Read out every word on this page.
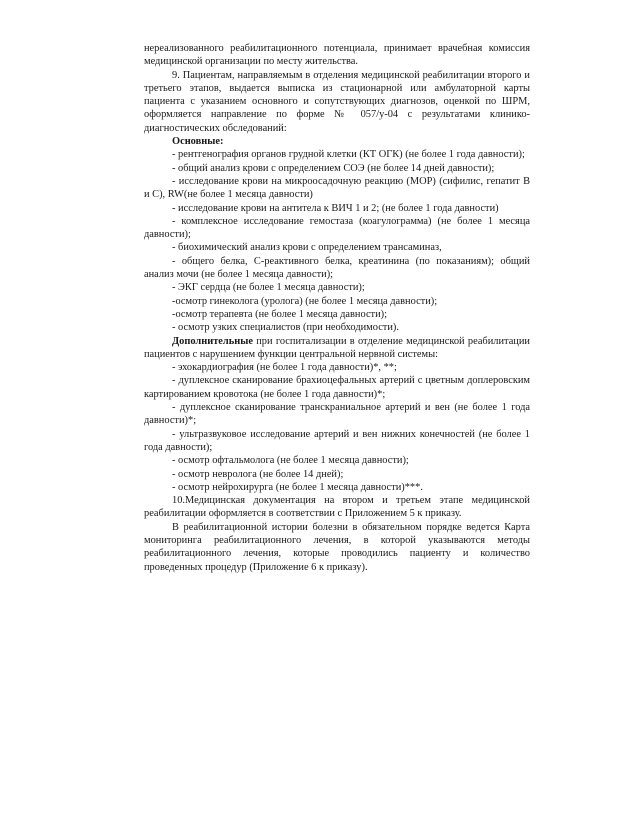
нереализованного реабилитационного потенциала, принимает врачебная комиссия медицинской организации по месту жительства.

9. Пациентам, направляемым в отделения медицинской реабилитации второго и третьего этапов, выдается выписка из стационарной или амбулаторной карты пациента с указанием основного и сопутствующих диагнозов, оценкой по ШРМ, оформляется направление по форме № 057/у-04 с результатами клинико-диагностических обследований:

Основные:

- рентгенография органов грудной клетки (КТ ОГК) (не более 1 года давности);

- общий анализ крови с определением СОЭ (не более 14 дней давности);

- исследование крови на микроосадочную реакцию (МОР) (сифилис, гепатит В и С), RW(не более 1 месяца давности)

- исследование крови на антитела к ВИЧ 1 и 2; (не более 1 года давности)

- комплексное исследование гемостаза (коагулограмма) (не более 1 месяца давности);

- биохимический анализ крови с определением трансаминаз,

- общего белка, С-реактивного белка, креатинина (по показаниям); общий анализ мочи (не более 1 месяца давности);

- ЭКГ сердца (не более 1 месяца давности);

-осмотр гинеколога (уролога) (не более 1 месяца давности);

-осмотр терапевта (не более 1 месяца давности);

- осмотр узких специалистов (при необходимости).

Дополнительные при госпитализации в отделение медицинской реабилитации пациентов с нарушением функции центральной нервной системы:

- эхокардиография (не более 1 года давности)*, **;

- дуплексное сканирование брахиоцефальных артерий с цветным доплеровским картированием кровотока (не более 1 года давности)*;

- дуплексное сканирование транскраниальное артерий и вен (не более 1 года давности)*;

- ультразвуковое исследование артерий и вен нижних конечностей (не более 1 года давности);

- осмотр офтальмолога (не более 1 месяца давности);

- осмотр невролога (не более 14 дней);

- осмотр нейрохирурга (не более 1 месяца давности)***.

10.Медицинская документация на втором и третьем этапе медицинской реабилитации оформляется в соответствии с Приложением 5 к приказу.

В реабилитационной истории болезни в обязательном порядке ведется Карта мониторинга реабилитационного лечения, в которой указываются методы реабилитационного лечения, которые проводились пациенту и количество проведенных процедур (Приложение 6 к приказу).
